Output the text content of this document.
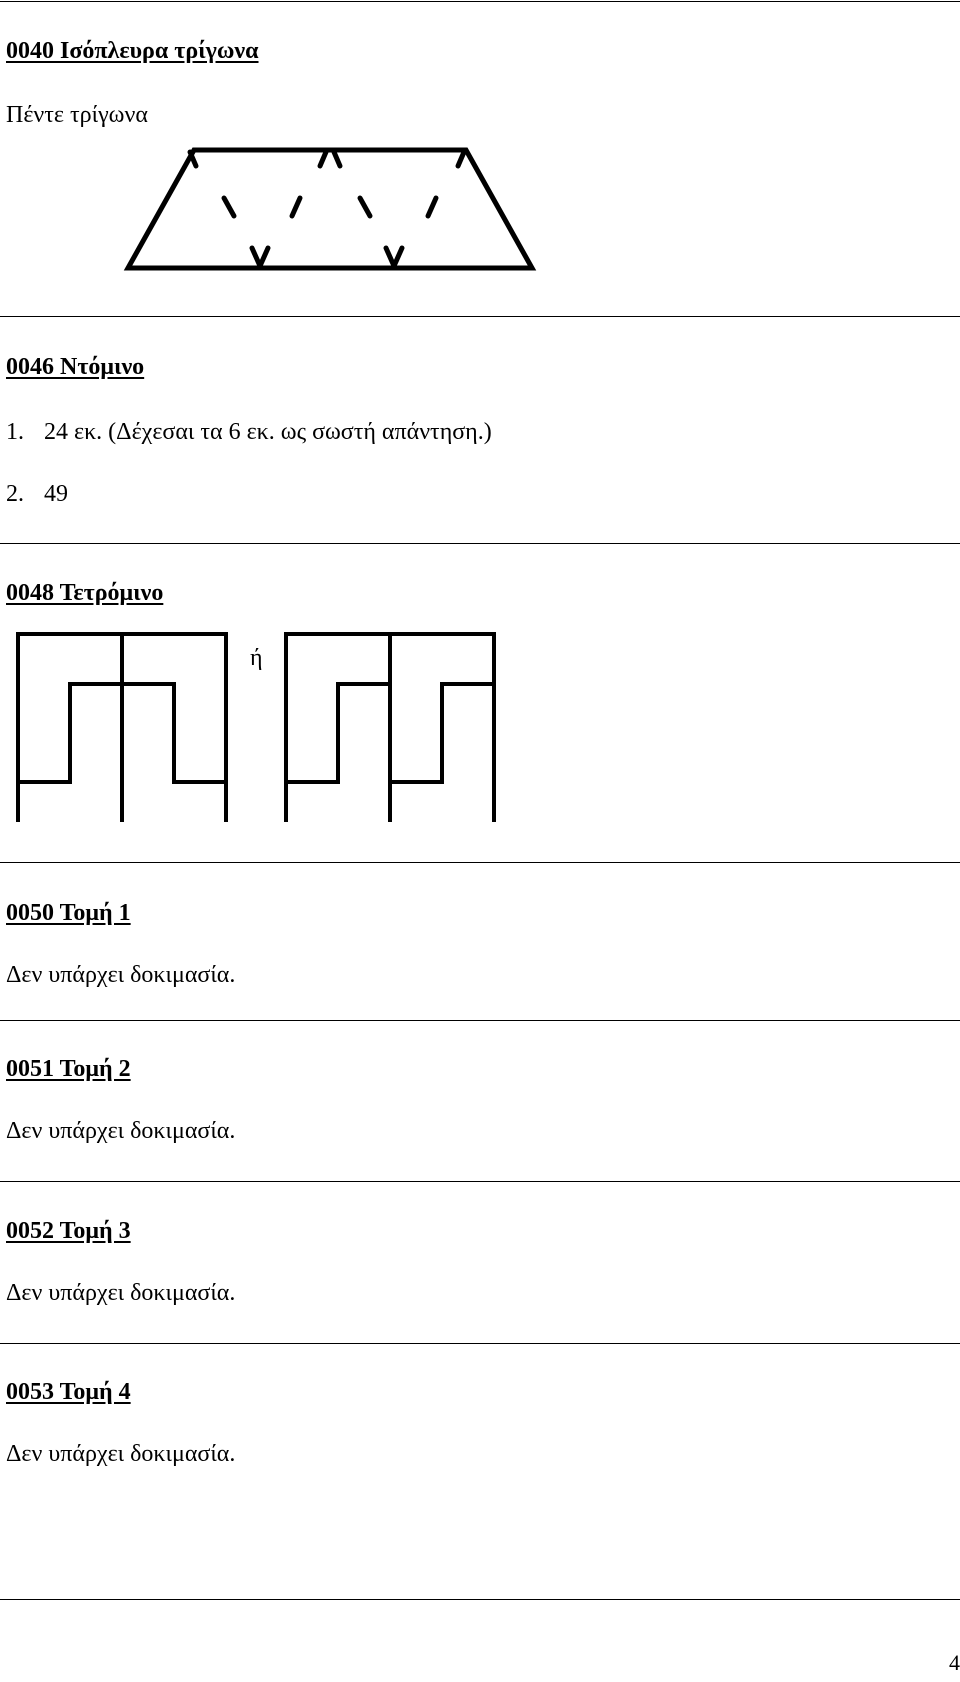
0040 Ισόπλευρα τρίγωνα
Πέντε τρίγωνα
0046 Ντόμινο
1. 24 εκ. (Δέχεσαι τα 6 εκ. ως σωστή απάντηση.)
2. 49
0048 Τετρόμινο
ή
0050 Τομή 1
Δεν υπάρχει δοκιμασία.
0051 Τομή 2
Δεν υπάρχει δοκιμασία.
0052 Τομή 3
Δεν υπάρχει δοκιμασία.
0053 Τομή 4
Δεν υπάρχει δοκιμασία.
4
